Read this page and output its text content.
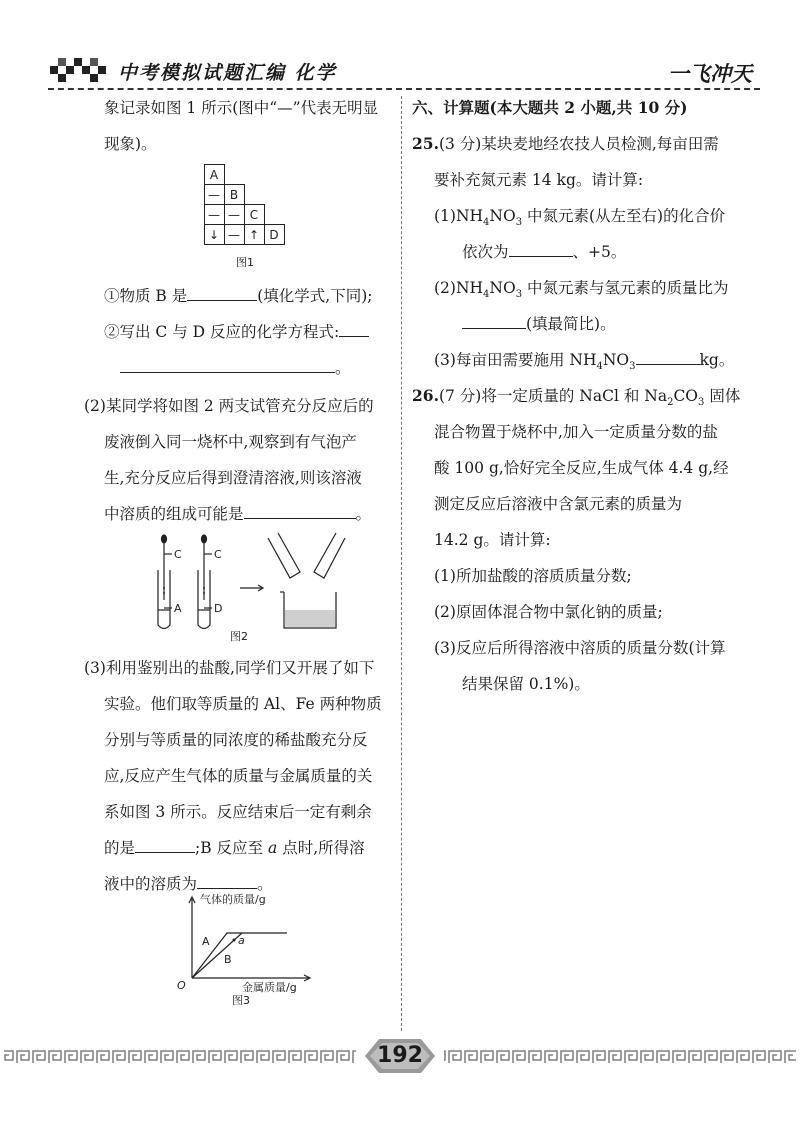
中考模拟试题汇编 化学	一飞冲天
象记录如图 1 所示(图中“—”代表无明显
现象)。
A
— B
— — C
↓ — ↑ D
图1
①物质 B 是	(填化学式,下同);
②写出 C 与 D 反应的化学方程式:
。
(2)某同学将如图 2 两支试管充分反应后的
废液倒入同一烧杯中,观察到有气泡产
生,充分反应后得到澄清溶液,则该溶液
中溶质的组成可能是	。
C
A
C
D
图2
(3)利用鉴别出的盐酸,同学们又开展了如下
实验。他们取等质量的 Al、Fe 两种物质
分别与等质量的同浓度的稀盐酸充分反
应,反应产生气体的质量与金属质量的关
系如图 3 所示。反应结束后一定有剩余
的是	;B 反应至 a 点时,所得溶
液中的溶质为	。
气体的质量/g
金属质量/g
O
A
B
a
图3
六、计算题(本大题共 2 小题,共 10 分)
25.(3 分)某块麦地经农技人员检测,每亩田需
要补充氮元素 14 kg。请计算:
$(1)NH_4NO_3$ 中氮元素(从左至右)的化合价
依次为	、+5。
$(2)NH_4NO_3$ 中氮元素与氢元素的质量比为
(填最简比)。
(3)每亩田需要施用 $NH_4NO_3$	kg。
26.(7 分)将一定质量的 NaCl 和 $Na_2CO_3$ 固体
混合物置于烧杯中,加入一定质量分数的盐
酸 100 g,恰好完全反应,生成气体 4.4 g,经
测定反应后溶液中含氯元素的质量为
14.2 g。请计算:
(1)所加盐酸的溶质质量分数;
(2)原固体混合物中氯化钠的质量;
(3)反应后所得溶液中溶质的质量分数(计算
结果保留 0.1%)。
192
